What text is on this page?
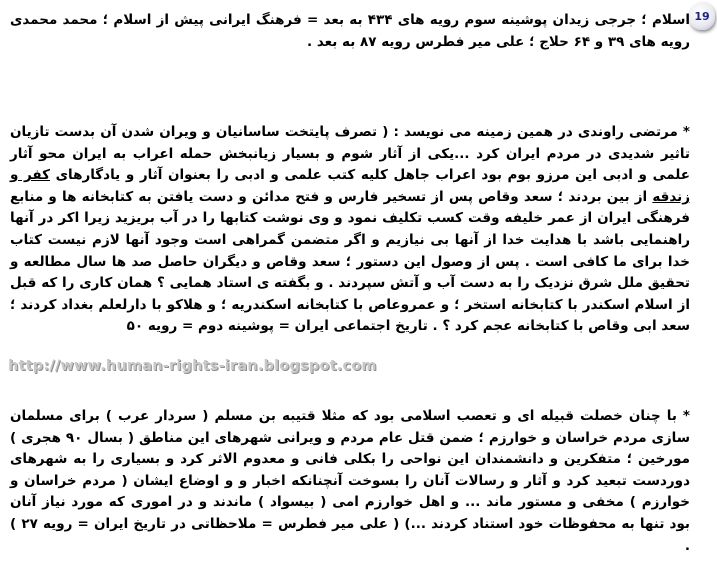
19

اسلام ؛ جرجی زیدان پوشینه سوم رویه های ۴۳۴ به بعد = فرهنگ ایرانی پیش از اسلام ؛ محمد محمدی رویه های ۳۹ و ۶۴ حلاج ؛ علی میر فطرس رویه ۸۷ به بعد .

* مرتضی راوندی در همین زمینه می نویسد : ( تصرف پایتخت ساسانیان و ویران شدن آن بدست تازیان تاثیر شدیدی در مردم ایران کرد ...یکی از آثار شوم و بسیار زیانبخش حمله اعراب به ایران محو آثار علمی و ادبی این مرزو بوم بود اعراب جاهل کلیه کتب علمی و ادبی را بعنوان آثار و یادگارهای کفر و زندقه از بین بردند ؛ سعد وقاص پس از تسخیر فارس و فتح مدائن و دست یافتن به کتابخانه ها و منابع فرهنگی ایران از عمر خلیفه وقت کسب تکلیف نمود و وی نوشت کتابها را در آب بریزید زیرا اکر در آنها راهنمایی باشد با هدایت خدا از آنها بی نیازیم و اگر متضمن گمراهی است وجود آنها لازم نیست کتاب خدا برای ما کافی است . پس از وصول این دستور ؛ سعد وقاص و دیگران حاصل صد ها سال مطالعه و تحقیق ملل شرق نزدیک را به دست آب و آتش سپردند . و بگفته ی استاد همایی ؟ همان کاری را که قبل از اسلام اسکندر با کتابخانه استخر ؛ و عمروعاص با کتابخانه اسکندریه ؛ و هلاکو با دارلعلم بغداد کردند ؛ سعد ابی وقاص با کتابخانه عجم کرد ؟ . تاریخ اجتماعی ایران = پوشینه دوم = رویه ۵۰

http://www.human-rights-iran.blogspot.com

* با چنان خصلت قبیله ای و تعصب اسلامی بود که مثلا قتیبه بن مسلم ( سردار عرب ) برای مسلمان سازی مردم خراسان و خوارزم ؛ ضمن قتل عام مردم و ویرانی شهرهای این مناطق ( بسال ۹۰ هجری ) مورخین ؛ متفکرین و دانشمندان این نواحی را بکلی فانی و معدوم الاثر کرد و بسیاری را به شهرهای دوردست تبعید کرد و آثار و رسالات آنان را بسوخت آنچنانکه اخبار و و اوضاع ایشان ( مردم خراسان و خوارزم ) مخفی و مستور ماند ... و اهل خوارزم امی ( بیسواد ) ماندند و در اموری که مورد نیاز آنان بود تنها به محفوظات خود استناد کردند ...) ( علی میر فطرس = ملاحظاتی در تاریخ ایران = رویه ۲۷ ) .
